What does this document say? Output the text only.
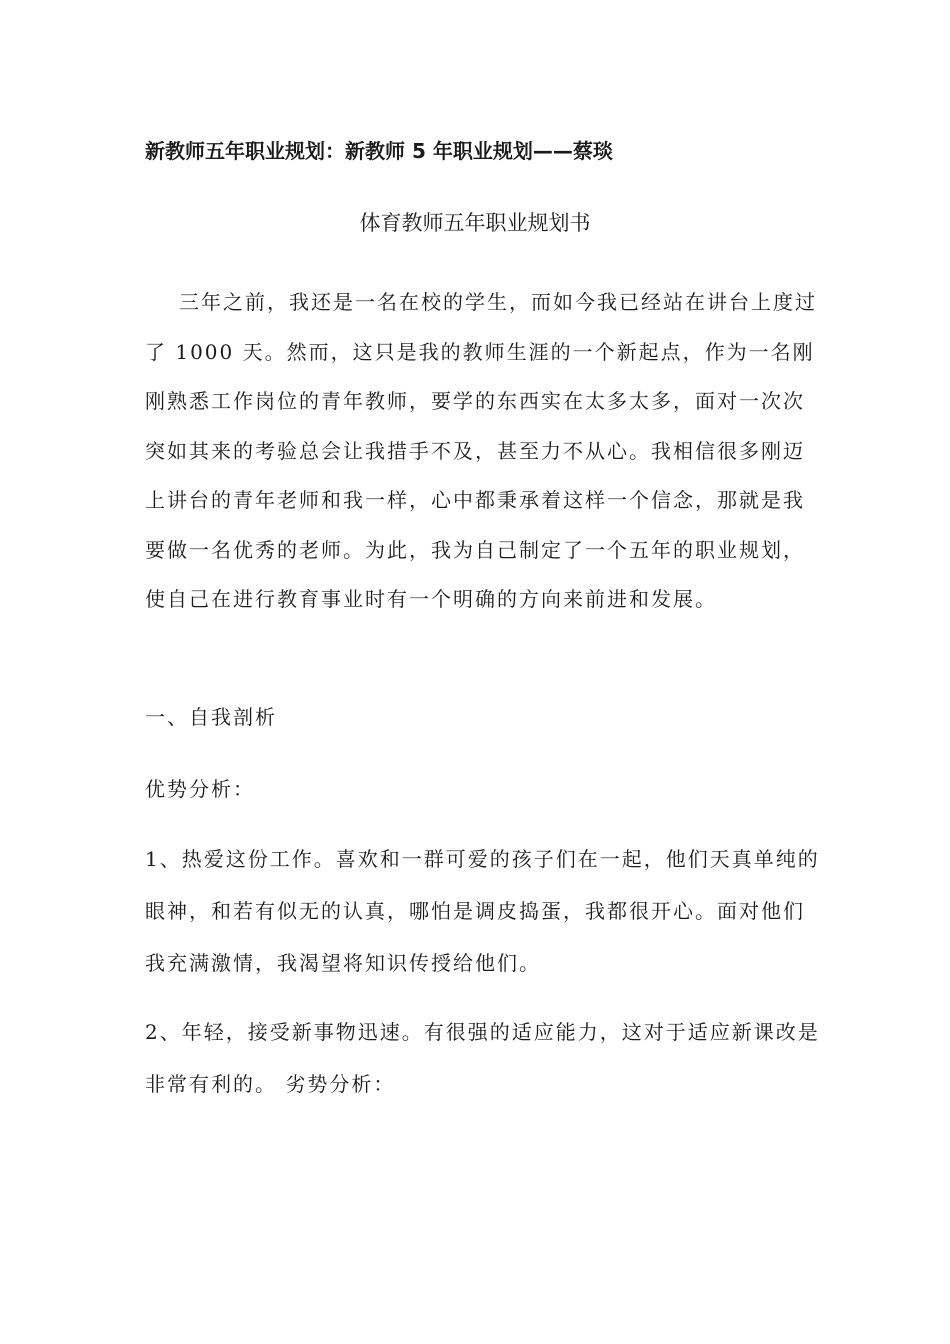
新教师五年职业规划：新教师 5 年职业规划——蔡琰
体育教师五年职业规划书
三年之前，我还是一名在校的学生，而如今我已经站在讲台上度过了 1000 天。然而，这只是我的教师生涯的一个新起点，作为一名刚刚熟悉工作岗位的青年教师，要学的东西实在太多太多，面对一次次突如其来的考验总会让我措手不及，甚至力不从心。我相信很多刚迈上讲台的青年老师和我一样，心中都秉承着这样一个信念，那就是我要做一名优秀的老师。为此，我为自己制定了一个五年的职业规划，使自己在进行教育事业时有一个明确的方向来前进和发展。
一、自我剖析
优势分析：
1、热爱这份工作。喜欢和一群可爱的孩子们在一起，他们天真单纯的眼神，和若有似无的认真，哪怕是调皮捣蛋，我都很开心。面对他们我充满激情，我渴望将知识传授给他们。
2、年轻，接受新事物迅速。有很强的适应能力，这对于适应新课改是非常有利的。 劣势分析：
